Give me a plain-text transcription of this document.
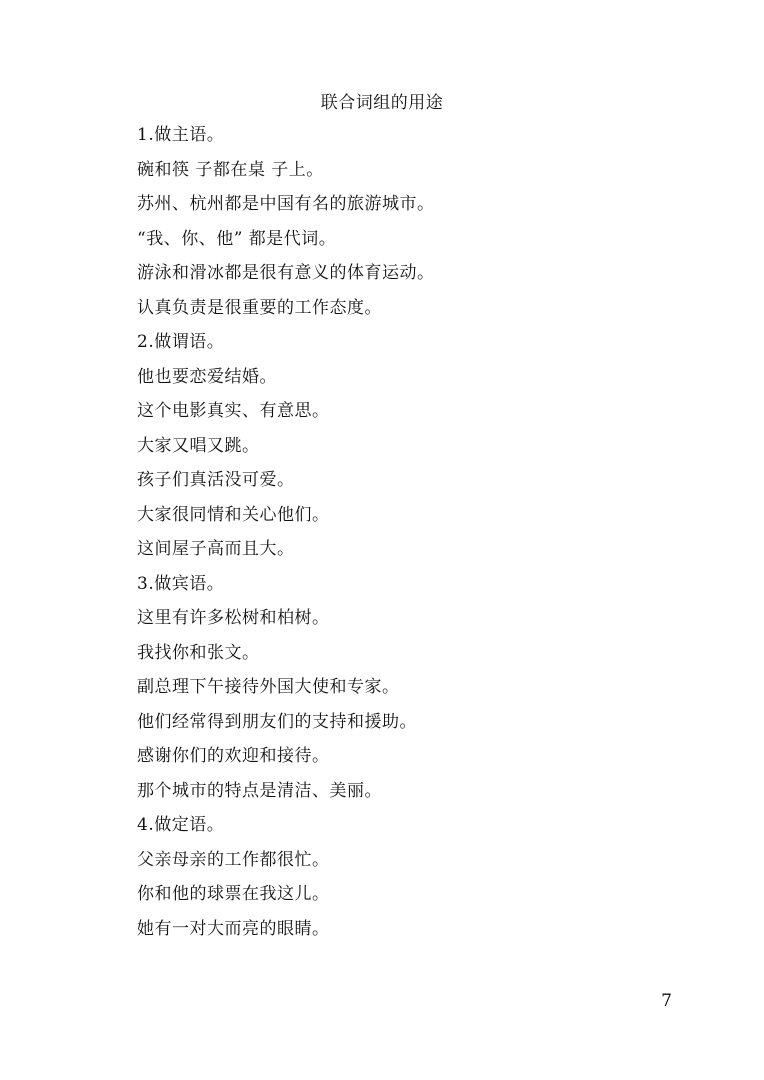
联合词组的用途
1.做主语。
碗和筷 子都在桌 子上。
苏州、杭州都是中国有名的旅游城市。
“我、你、他” 都是代词。
游泳和滑冰都是很有意义的体育运动。
认真负责是很重要的工作态度。
2.做谓语。
他也要恋爱结婚。
这个电影真实、有意思。
大家又唱又跳。
孩子们真活没可爱。
大家很同情和关心他们。
这间屋子高而且大。
3.做宾语。
这里有许多松树和柏树。
我找你和张文。
副总理下午接待外国大使和专家。
他们经常得到朋友们的支持和援助。
感谢你们的欢迎和接待。
那个城市的特点是清洁、美丽。
4.做定语。
父亲母亲的工作都很忙。
你和他的球票在我这儿。
她有一对大而亮的眼睛。
7
